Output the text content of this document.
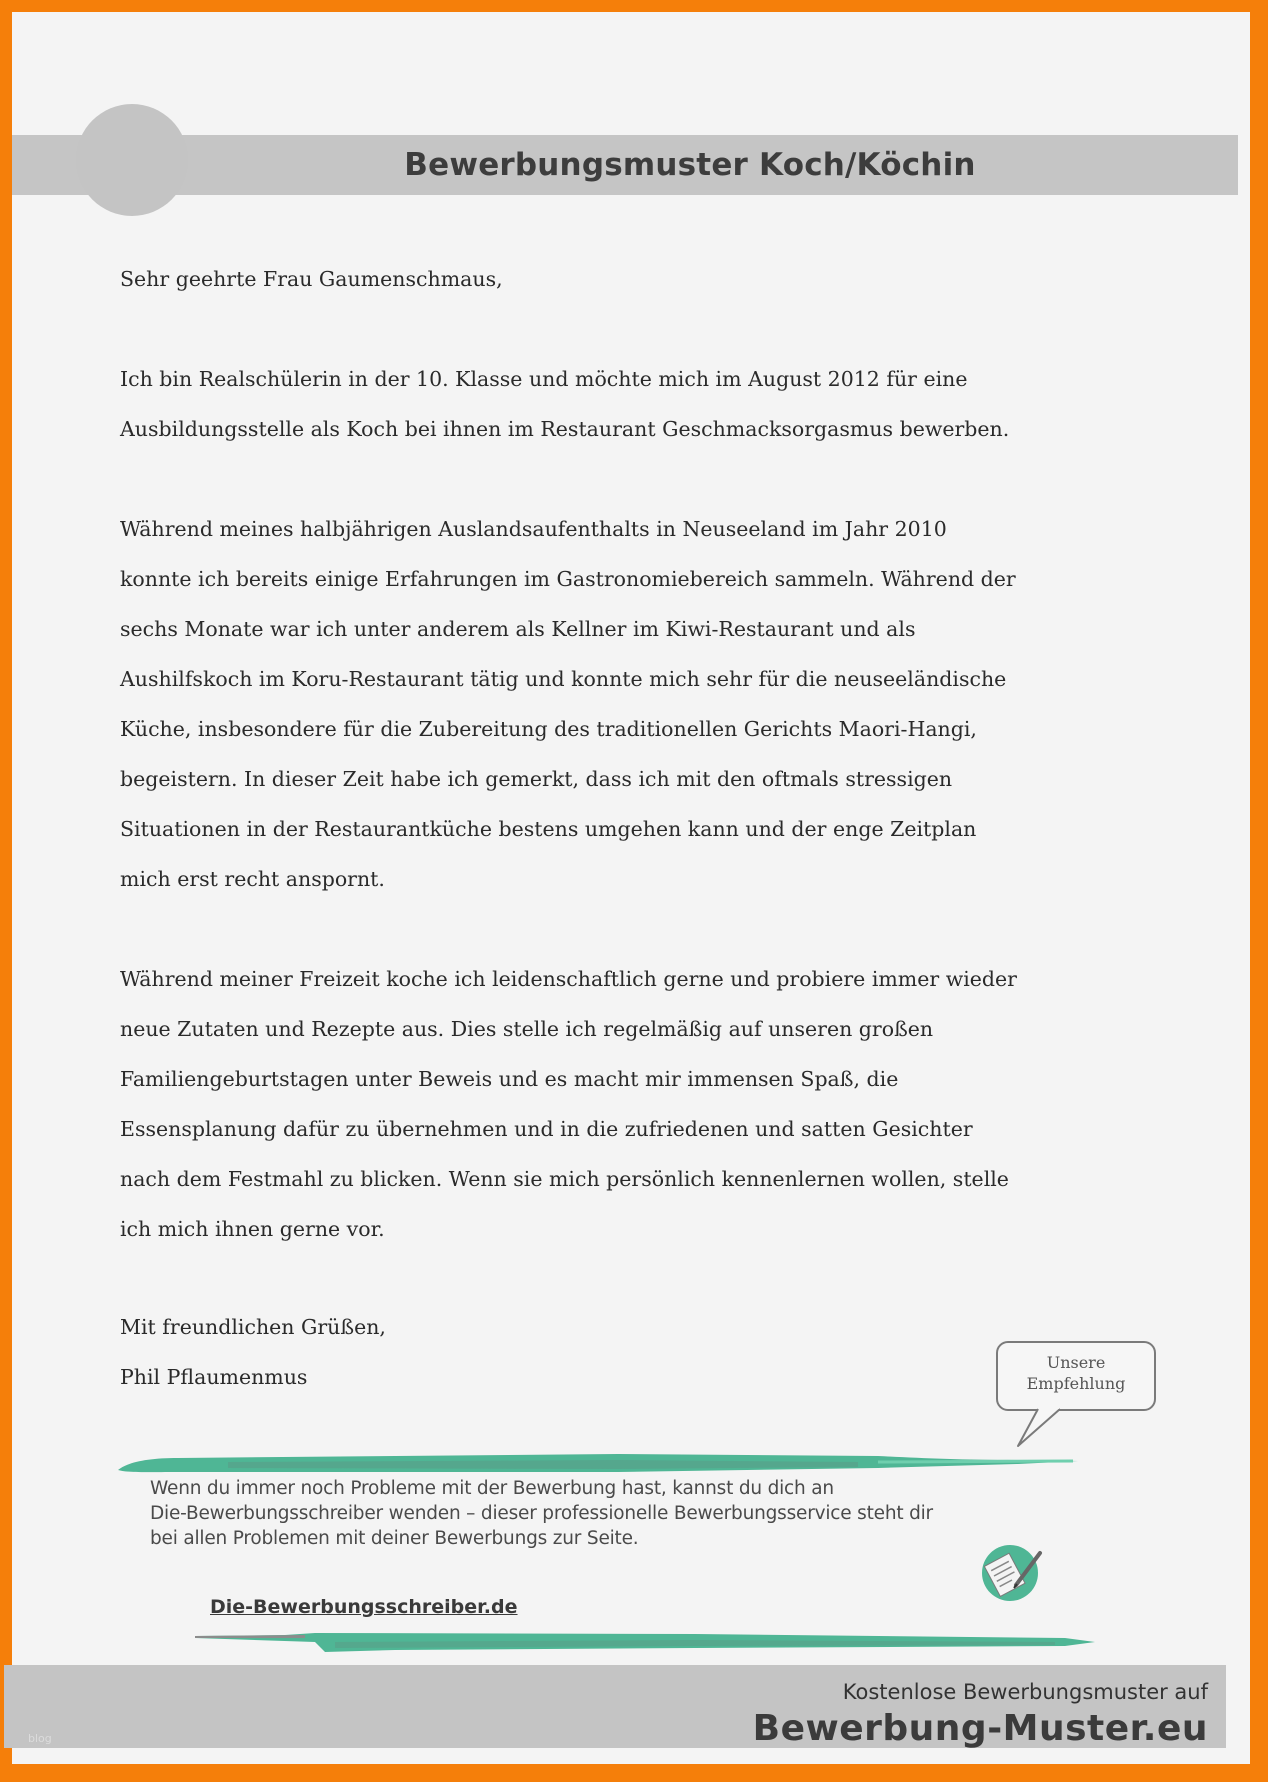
Bewerbungsmuster Koch/Köchin

Sehr geehrte Frau Gaumenschmaus,

Ich bin Realschülerin in der 10. Klasse und möchte mich im August 2012 für eine

Ausbildungsstelle als Koch bei ihnen im Restaurant Geschmacksorgasmus bewerben.

Während meines halbjährigen Auslandsaufenthalts in Neuseeland im Jahr 2010

konnte ich bereits einige Erfahrungen im Gastronomiebereich sammeln. Während der

sechs Monate war ich unter anderem als Kellner im Kiwi-Restaurant und als

Aushilfskoch im Koru-Restaurant tätig und konnte mich sehr für die neuseeländische

Küche, insbesondere für die Zubereitung des traditionellen Gerichts Maori-Hangi,

begeistern. In dieser Zeit habe ich gemerkt, dass ich mit den oftmals stressigen

Situationen in der Restaurantküche bestens umgehen kann und der enge Zeitplan

mich erst recht anspornt.

Während meiner Freizeit koche ich leidenschaftlich gerne und probiere immer wieder

neue Zutaten und Rezepte aus. Dies stelle ich regelmäßig auf unseren großen

Familiengeburtstagen unter Beweis und es macht mir immensen Spaß, die

Essensplanung dafür zu übernehmen und in die zufriedenen und satten Gesichter

nach dem Festmahl zu blicken. Wenn sie mich persönlich kennenlernen wollen, stelle

ich mich ihnen gerne vor.

Mit freundlichen Grüßen,

Phil Pflaumenmus

Unsere
Empfehlung

Wenn du immer noch Probleme mit der Bewerbung hast, kannst du dich an

Die-Bewerbungsschreiber wenden – dieser professionelle Bewerbungsservice steht dir

bei allen Problemen mit deiner Bewerbungs zur Seite.

Die-Bewerbungsschreiber.de
blog
Kostenlose Bewerbungsmuster auf
Bewerbung-Muster.eu
